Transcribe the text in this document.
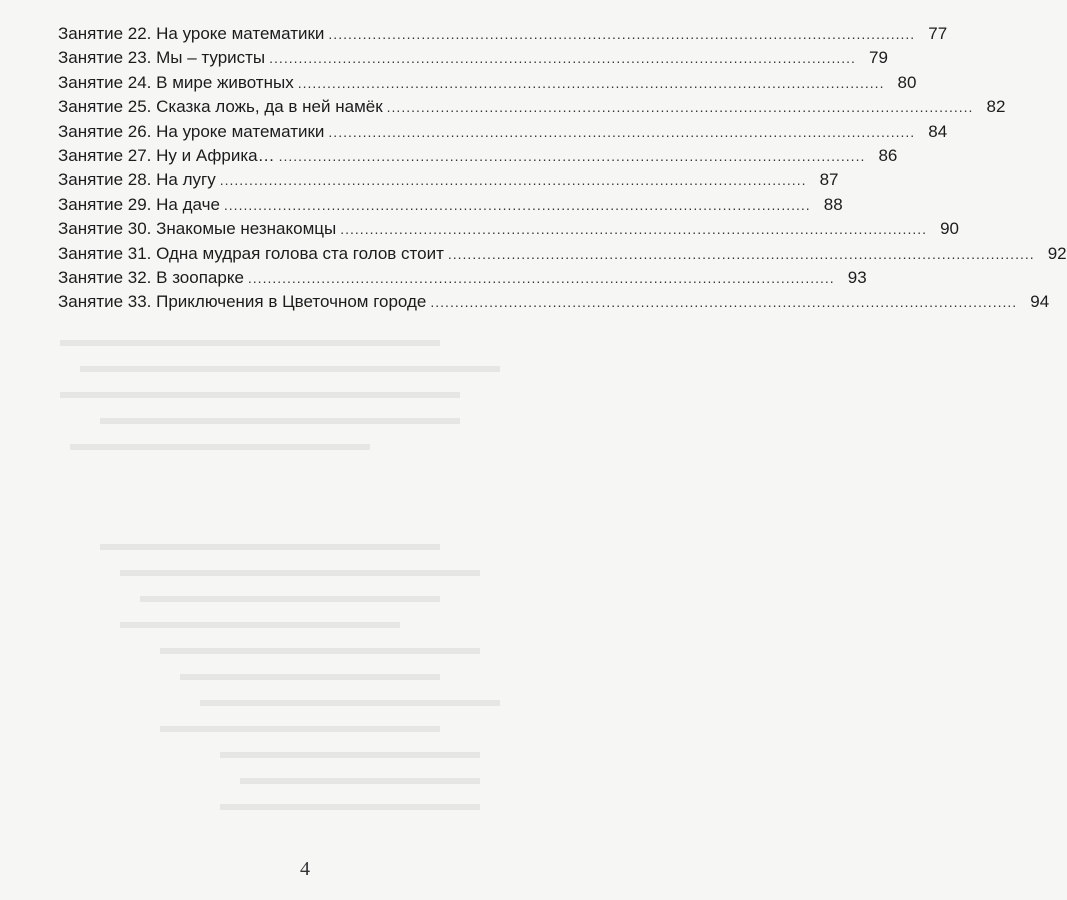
Занятие 22. На уроке математики ........................................................................................................................ 77
Занятие 23. Мы – туристы ........................................................................................................................ 79
Занятие 24. В мире животных ........................................................................................................................ 80
Занятие 25. Сказка ложь, да в ней намёк ........................................................................................................................ 82
Занятие 26. На уроке математики ........................................................................................................................ 84
Занятие 27. Ну и Африка… ........................................................................................................................ 86
Занятие 28. На лугу ........................................................................................................................ 87
Занятие 29. На даче ........................................................................................................................ 88
Занятие 30. Знакомые незнакомцы ........................................................................................................................ 90
Занятие 31. Одна мудрая голова ста голов стоит ........................................................................................................................ 92
Занятие 32. В зоопарке ........................................................................................................................ 93
Занятие 33. Приключения в Цветочном городе ........................................................................................................................ 94
4
